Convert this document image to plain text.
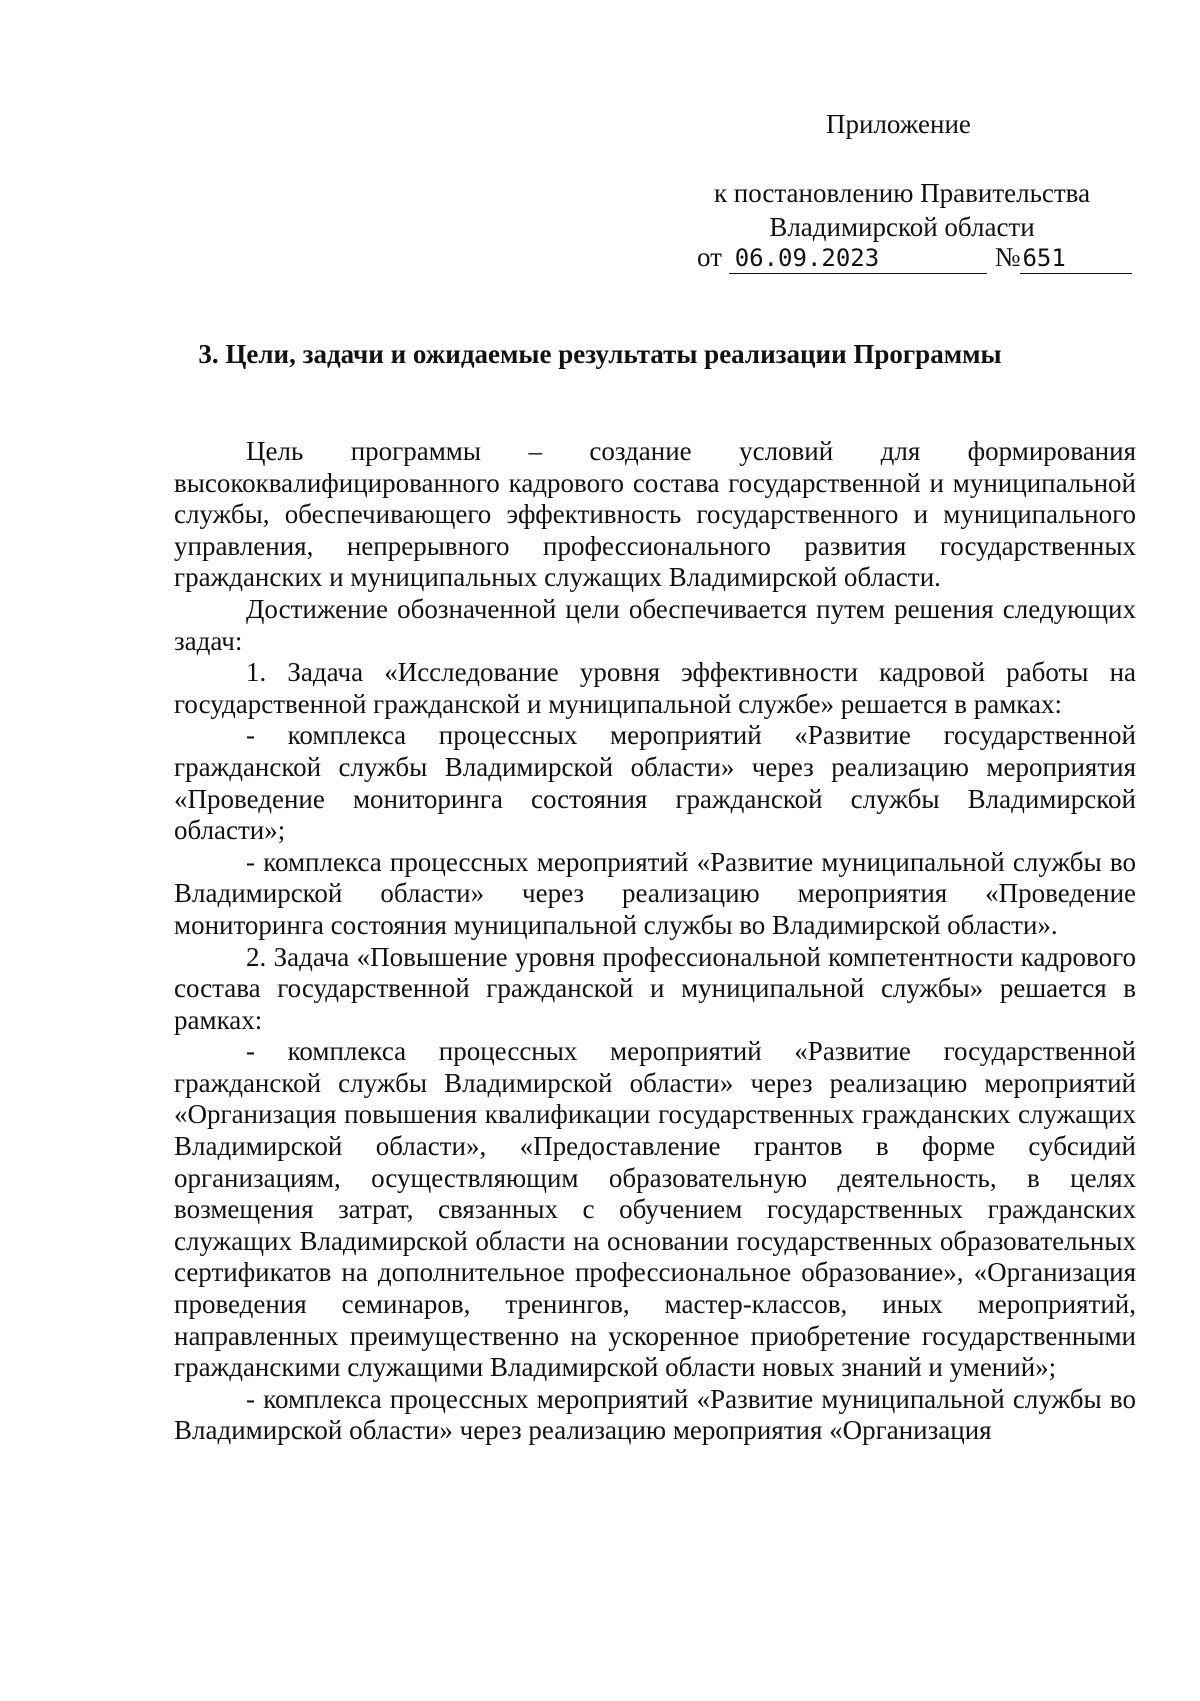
Приложение
к постановлению Правительства
Владимирской области
от 06.09.2023	№651
3. Цели, задачи и ожидаемые результаты реализации Программы

Цель программы – создание условий для формирования высококвалифицированного кадрового состава государственной и муниципальной службы, обеспечивающего эффективность государственного и муниципального управления, непрерывного профессионального развития государственных гражданских и муниципальных служащих Владимирской области.

Достижение обозначенной цели обеспечивается путем решения следующих задач:

1. Задача «Исследование уровня эффективности кадровой работы на государственной гражданской и муниципальной службе» решается в рамках:

- комплекса процессных мероприятий «Развитие государственной гражданской службы Владимирской области» через реализацию мероприятия «Проведение мониторинга состояния гражданской службы Владимирской области»;

- комплекса процессных мероприятий «Развитие муниципальной службы во Владимирской области» через реализацию мероприятия «Проведение мониторинга состояния муниципальной службы во Владимирской области».

2. Задача «Повышение уровня профессиональной компетентности кадрового состава государственной гражданской и муниципальной службы» решается в рамках:

- комплекса процессных мероприятий «Развитие государственной гражданской службы Владимирской области» через реализацию мероприятий «Организация повышения квалификации государственных гражданских служащих Владимирской области», «Предоставление грантов в форме субсидий организациям, осуществляющим образовательную деятельность, в целях возмещения затрат, связанных с обучением государственных гражданских служащих Владимирской области на основании государственных образовательных сертификатов на дополнительное профессиональное образование», «Организация проведения семинаров, тренингов, мастер-классов, иных мероприятий, направленных преимущественно на ускоренное приобретение государственными гражданскими служащими Владимирской области новых знаний и умений»;

- комплекса процессных мероприятий «Развитие муниципальной службы во Владимирской области» через реализацию мероприятия «Организация
